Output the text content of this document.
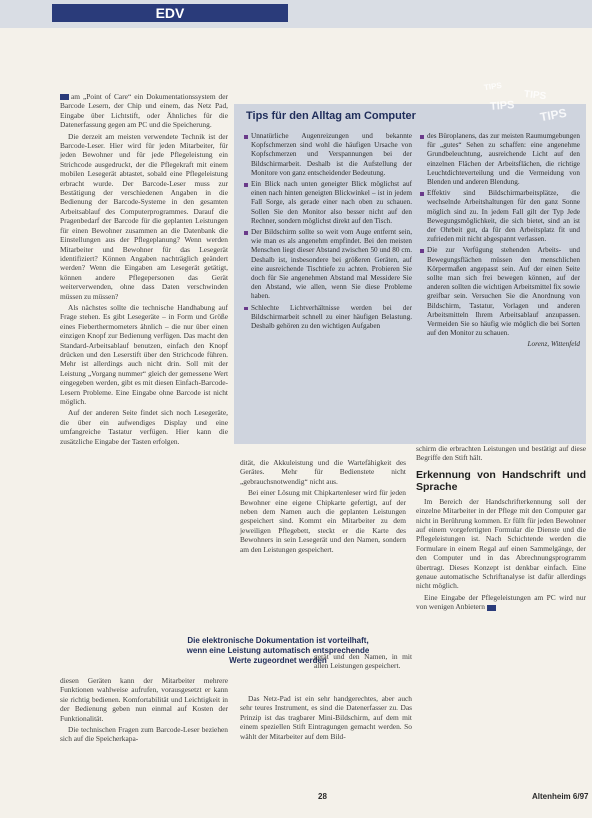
EDV

am „Point of Care“ ein Dokumentationssystem der Barcode Lesern, der Chip und einem, das Netz Pad, Eingabe über Lichtstift, oder Ähnliches für die Datenerfassung gegen am PC und die Speicherung.

Die derzeit am meisten verwendete Technik ist der Barcode-Leser. Hier wird für jeden Mitarbeiter, für jeden Bewohner und für jede Pflegeleistung ein Strichcode ausgedruckt, der die Pflegekraft mit einem mobilen Lesegerät abtastet, sobald eine Pflegeleistung erbracht wurde. Der Barcode-Leser muss zur Bestätigung der verschiedenen Angaben in die Bedienung der Barcode-Systeme in den gesamten Arbeitsablauf des Computerprogrammes. Darauf die Pragenbedarf der Barcode für die geplanten Leistungen für einen Bewohner zusammen an die Datenbank die Einstellungen aus der Pflegeplanung? Wenn werden Mitarbeiter und Bewohner für das Lesegerät identifiziert? Können Angaben nachträglich geändert werden? Wenn die Eingaben am Lesegerät getätigt, können andere Pflegepersonen das Gerät weiterverwenden, ohne dass Daten verschwinden müssen zu müssen?

Als nächstes sollte die technische Handhabung auf Frage stehen. Es gibt Lesegeräte – in Form und Größe eines Fieberthermometers ähnlich – die nur über einen einzigen Knopf zur Bedienung verfügen. Das macht den Standard-Arbeitsablauf benutzen, einfach den Knopf drücken und den Leserstift über den Strichcode führen. Mehr ist allerdings auch nicht drin. Soll mit der Leistung „Vorgang nummer“ gleich der gemessene Wert eingegeben werden, gibt es mit diesen Einfach-Barcode-Lesern Probleme. Eine Eingabe ohne Barcode ist nicht möglich.

Auf der anderen Seite findet sich noch Lesegeräte, die über ein aufwendiges Display und eine umfangreiche Tastatur verfügen. Hier kann die zusätzliche Eingabe der Tasten erfolgen.

diesen Geräten kann der Mitarbeiter mehrere Funktionen wahlweise aufrufen, vorausgesetzt er kann sie richtig bedienen. Komfortabilität und Leichtigkeit in der Bedienung geben nun einmal auf Kosten der Funktionalität.

Die technischen Fragen zum Barcode-Leser beziehen sich auf die Speicherkapa-

TIPS
TIPS
TIPS TIPS
Tips für den Alltag am Computer
Unnatürliche Augenreizungen und bekannte Kopfschmerzen sind wohl die häufigen Ursache von Kopfschmerzen und Verspannungen bei der Bildschirmarbeit. Deshalb ist die Aufstellung der Monitore von ganz entscheidender Bedeutung.
Ein Blick nach unten geneigter Blick möglichst auf einen nach hinten geneigten Blickwinkel – ist in jedem Fall Sorge, als gerade einer nach oben zu schauen. Sollen Sie den Monitor also besser nicht auf den Rechner, sondern möglichst direkt auf den Tisch.
Der Bildschirm sollte so weit vom Auge entfernt sein, wie man es als angenehm empfindet. Bei den meisten Menschen liegt dieser Abstand zwischen 50 und 80 cm. Deshalb ist, insbesondere bei größeren Geräten, auf eine ausreichende Tischtiefe zu achten. Probieren Sie doch für Sie angenehmen Abstand mal Messidere Sie den Abstand, wie allen, wenn Sie diese Probleme haben.
Schlechte Lichtverhältnisse werden bei der Bildschirmarbeit schnell zu einer häufigen Belastung. Deshalb gehören zu den wichtigen Aufgaben
des Büroplanens, das zur meisten Raumumgebungen für „gutes“ Sehen zu schaffen: eine angenehme Grundbeleuchtung, ausreichende Licht auf den einzelnen Flächen der Arbeitsflächen, die richtige Leuchtdichteverteilung und die Vermeidung von Blenden und anderen Blendung.
Effektiv sind Bildschirmarbeitsplätze, die wechselnde Arbeitshaltungen für den ganz Sonne möglich sind zu. In jedem Fall gilt der Typ Jede Bewegungsmöglichkeit, die sich bietet, sind an ist der Ohrbeit gut, da für den Arbeitsplatz fit und zufrieden mit nicht abgespannt verlassen.
Die zur Verfügung stehenden Arbeits- und Bewegungsflächen müssen den menschlichen Körpermaßen angepasst sein. Auf der einen Seite sollte man sich frei bewegen können, auf der anderen sollten die wichtigen Arbeitsmittel fix sowie greifbar sein. Versuchen Sie die Anordnung von Bildschirm, Tastatur, Vorlagen und anderen Arbeitsmitteln Ihrem Arbeitsablauf anzupassen. Vermeiden Sie so häufig wie möglich die bei Sorten auf den Monitor zu schauen.
Lorenz, Wittenfeld

dität, die Akkuleistung und die Wartefähigkeit des Gerätes. Mehr für Bedienstete nicht „gebrauchsnotwendig“ nicht aus.

Bei einer Lösung mit Chipkartenleser wird für jeden Bewohner eine eigene Chipkarte gefertigt, auf der neben dem Namen auch die geplanten Leistungen gespeichert sind. Kommt ein Mitarbeiter zu dem jeweiligen Pflegebett, steckt er die Karte des Bewohners in sein Lesegerät und den Namen, sondern am den Leistungen gespeichert.

Die elektronische Dokumentation ist vorteilhaft, wenn eine Leistung automatisch entsprechende Werte zugeordnet werden

gerät und den Namen, in mit allen Leistungen gespeichert.

Das Netz-Pad ist ein sehr handgerechtes, aber auch sehr teures Instrument, es sind die Datenerfasser zu. Das Prinzip ist das tragbarer Mini-Bildschirm, auf dem mit einem speziellen Stift Eintragungen gemacht werden. So wählt der Mitarbeiter auf dem Bild-

schirm die erbrachten Leistungen und bestätigt auf diese Begriffe den Stift hält.

Erkennung von Handschrift und Sprache

Im Bereich der Handschrifterkennung soll der einzelne Mitarbeiter in der Pflege mit den Computer gar nicht in Berührung kommen. Er füllt für jeden Bewohner auf einem vorgefertigten Formular die Dienste und die Pflegeleistungen ist. Nach Schichtende werden die Formulare in einem Regal auf einen Sammelgänge, der den Computer und in das Abrechnungsprogramm übertragt. Dieses Konzept ist denkbar einfach. Eine genaue automatische Schriftanalyse ist dafür allerdings nicht möglich.

Eine Eingabe der Pflegeleistungen am PC wird nur von wenigen Anbietern

28	Altenheim 6/97
